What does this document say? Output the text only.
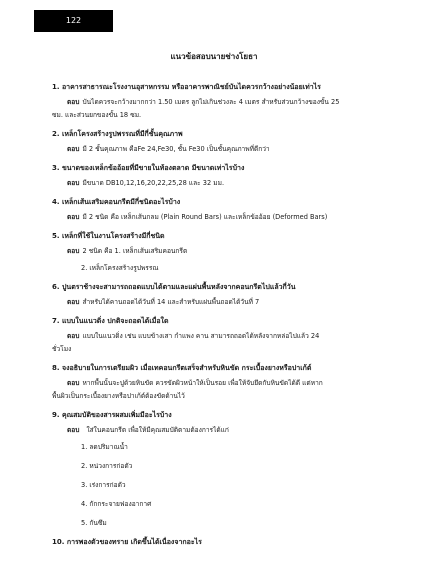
122
แนวข้อสอบนายช่างโยธา

1. อาคารสาธารณะโรงงานอุสาหกรรม หรืออาคารพาณิชย์บันไดควรกว้างอย่างน้อยเท่าไร

ตอบ บันไดควรจะกว้างมากกว่า 1.50 เมตร ลูกไม่เกินช่วงละ 4 เมตร สำหรับส่วนกว้างของขั้น 25

ซม. และส่วนยกของขั้น 18 ซม.

2. เหล็กโครงสร้างรูปพรรณที่มีกี่ชั้นคุณภาพ

ตอบ มี 2 ชั้นคุณภาพ คือFe 24,Fe30, ชั้น Fe30 เป็นชั้นคุณภาพที่ดีกว่า

3. ขนาดของเหล็กข้ออ้อยที่มีขายในท้องตลาด มีขนาดเท่าไรบ้าง

ตอบ มีขนาด DB10,12,16,20,22,25,28 และ 32 มม.

4. เหล็กเส้นเสริมคอนกรีตมีกี่ชนิดอะไรบ้าง

ตอบ มี 2 ชนิด คือ เหล็กเส้นกลม (Plain Round Bars) และเหล็กข้ออ้อย (Deformed Bars)

5. เหล็กที่ใช้ในงานโครงสร้างมีกี่ชนิด

ตอบ 2 ชนิด คือ 1. เหล็กเส้นเสริมคอนกรีต

2. เหล็กโครงสร้างรูปพรรณ

6. ปูนตราช้างจะสามารถถอดแบบได้ตามและแผ่นพื้นหลังจากคอนกรีตไปแล้วกี่วัน

ตอบ สำหรับได้คานถอดได้วันที่ 14 และสำหรับแผ่นพื้นถอดได้วันที่ 7

7. แบบในแนวดิ่ง ปกติจะถอดได้เมื่อใด

ตอบ แบบในแนวดิ่ง เช่น แบบข้างเสา กำแพง คาน สามารถถอดได้หลังจากหล่อไปแล้ว 24

ชั่วโมง

8. จงอธิบายในการเตรียมผิว เมื่อเทคอนกรีตเสร็จสำหรับหินขัด กระเบื้องยางหรือปาเก้ต์

ตอบ หากพื้นนั้นจะปูด้วยหินขัด ควรขัดผิวหน้าให้เป็นรอย เพื่อให้จับยึดกับหินขัดได้ดี แต่หาก

พื้นผิวเป็นกระเบื้องยางหรือปาเก้ต์ต้องขัดด้านไว้

9. คุณสมบัติของสารผสมเพิ่มมีอะไรบ้าง

ตอบ ใส่ในคอนกรีต เพื่อให้มีคุณสมบัติตามต้องการได้แก่

1. ลดปริมาณน้ำ

2. หน่วงการก่อตัว

3. เร่งการก่อตัว

4. กักกระจายฟองอากาศ

5. กันซึม

10. การพองตัวของทราย เกิดขึ้นได้เนื่องจากอะไร
